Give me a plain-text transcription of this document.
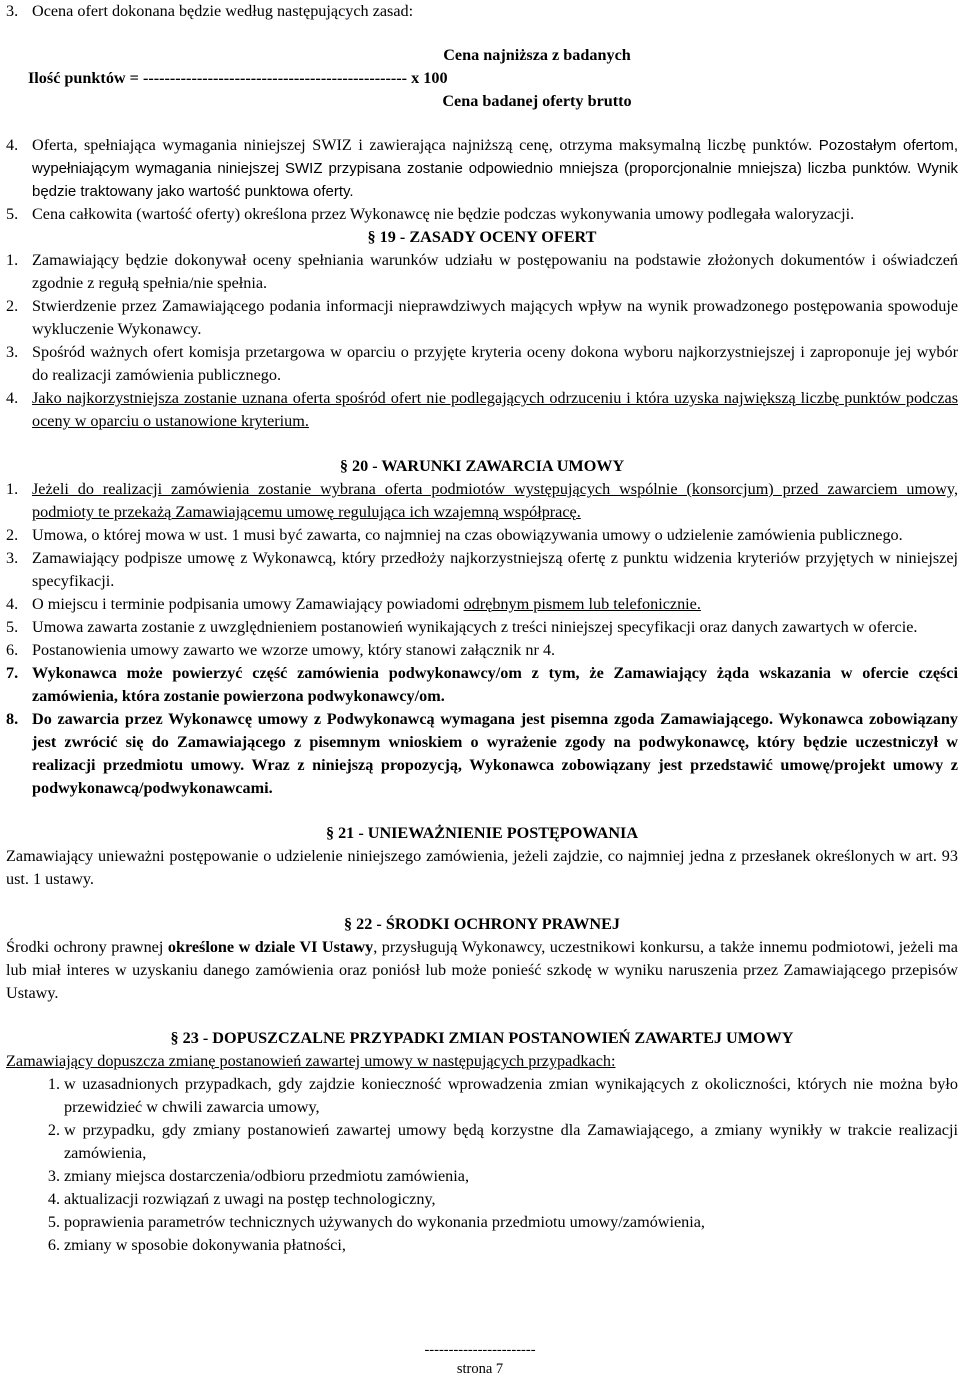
3. Ocena ofert dokonana będzie według następujących zasad:
Cena najniższa z badanych
Ilość punktów = ------------------------------------------------- x 100
Cena badanej oferty brutto
4. Oferta, spełniająca wymagania niniejszej SWIZ i zawierająca najniższą cenę, otrzyma maksymalną liczbę punktów. Pozostałym ofertom, wypełniającym wymagania niniejszej SWIZ przypisana zostanie odpowiednio mniejsza (proporcjonalnie mniejsza) liczba punktów. Wynik będzie traktowany jako wartość punktowa oferty.
5. Cena całkowita (wartość oferty) określona przez Wykonawcę nie będzie podczas wykonywania umowy podlegała waloryzacji.
§ 19 - ZASADY OCENY OFERT
1. Zamawiający będzie dokonywał oceny spełniania warunków udziału w postępowaniu na podstawie złożonych dokumentów i oświadczeń zgodnie z regułą spełnia/nie spełnia.
2. Stwierdzenie przez Zamawiającego podania informacji nieprawdziwych mających wpływ na wynik prowadzonego postępowania spowoduje wykluczenie Wykonawcy.
3. Spośród ważnych ofert komisja przetargowa w oparciu o przyjęte kryteria oceny dokona wyboru najkorzystniejszej i zaproponuje jej wybór do realizacji zamówienia publicznego.
4. Jako najkorzystniejsza zostanie uznana oferta spośród ofert nie podlegających odrzuceniu i która uzyska największą liczbę punktów podczas oceny w oparciu o ustanowione kryterium.
§ 20 - WARUNKI ZAWARCIA UMOWY
1. Jeżeli do realizacji zamówienia zostanie wybrana oferta podmiotów występujących wspólnie (konsorcjum) przed zawarciem umowy, podmioty te przekażą Zamawiającemu umowę regulująca ich wzajemną współpracę.
2. Umowa, o której mowa w ust. 1 musi być zawarta, co najmniej na czas obowiązywania umowy o udzielenie zamówienia publicznego.
3. Zamawiający podpisze umowę z Wykonawcą, który przedłoży najkorzystniejszą ofertę z punktu widzenia kryteriów przyjętych w niniejszej specyfikacji.
4. O miejscu i terminie podpisania umowy Zamawiający powiadomi odrębnym pismem lub telefonicznie.
5. Umowa zawarta zostanie z uwzględnieniem postanowień wynikających z treści niniejszej specyfikacji oraz danych zawartych w ofercie.
6. Postanowienia umowy zawarto we wzorze umowy, który stanowi załącznik nr 4.
7. Wykonawca może powierzyć część zamówienia podwykonawcy/om z tym, że Zamawiający żąda wskazania w ofercie części zamówienia, która zostanie powierzona podwykonawcy/om.
8. Do zawarcia przez Wykonawcę umowy z Podwykonawcą wymagana jest pisemna zgoda Zamawiającego. Wykonawca zobowiązany jest zwrócić się do Zamawiającego z pisemnym wnioskiem o wyrażenie zgody na podwykonawcę, który będzie uczestniczył w realizacji przedmiotu umowy. Wraz z niniejszą propozycją, Wykonawca zobowiązany jest przedstawić umowę/projekt umowy z podwykonawcą/podwykonawcami.
§ 21 - UNIEWAŻNIENIE POSTĘPOWANIA
Zamawiający unieważni postępowanie o udzielenie niniejszego zamówienia, jeżeli zajdzie, co najmniej jedna z przesłanek określonych w art. 93 ust. 1 ustawy.
§ 22 - ŚRODKI OCHRONY PRAWNEJ
Środki ochrony prawnej określone w dziale VI Ustawy, przysługują Wykonawcy, uczestnikowi konkursu, a także innemu podmiotowi, jeżeli ma lub miał interes w uzyskaniu danego zamówienia oraz poniósł lub może ponieść szkodę w wyniku naruszenia przez Zamawiającego przepisów Ustawy.
§ 23 - DOPUSZCZALNE PRZYPADKI ZMIAN POSTANOWIEŃ ZAWARTEJ UMOWY
Zamawiający dopuszcza zmianę postanowień zawartej umowy w następujących przypadkach:
1. w uzasadnionych przypadkach, gdy zajdzie konieczność wprowadzenia zmian wynikających z okoliczności, których nie można było przewidzieć w chwili zawarcia umowy,
2. w przypadku, gdy zmiany postanowień zawartej umowy będą korzystne dla Zamawiającego, a zmiany wynikły w trakcie realizacji zamówienia,
3. zmiany miejsca dostarczenia/odbioru przedmiotu zamówienia,
4. aktualizacji rozwiązań z uwagi na postęp technologiczny,
5. poprawienia parametrów technicznych używanych do wykonania przedmiotu umowy/zamówienia,
6. zmiany w sposobie dokonywania płatności,
-----------------------
strona 7
